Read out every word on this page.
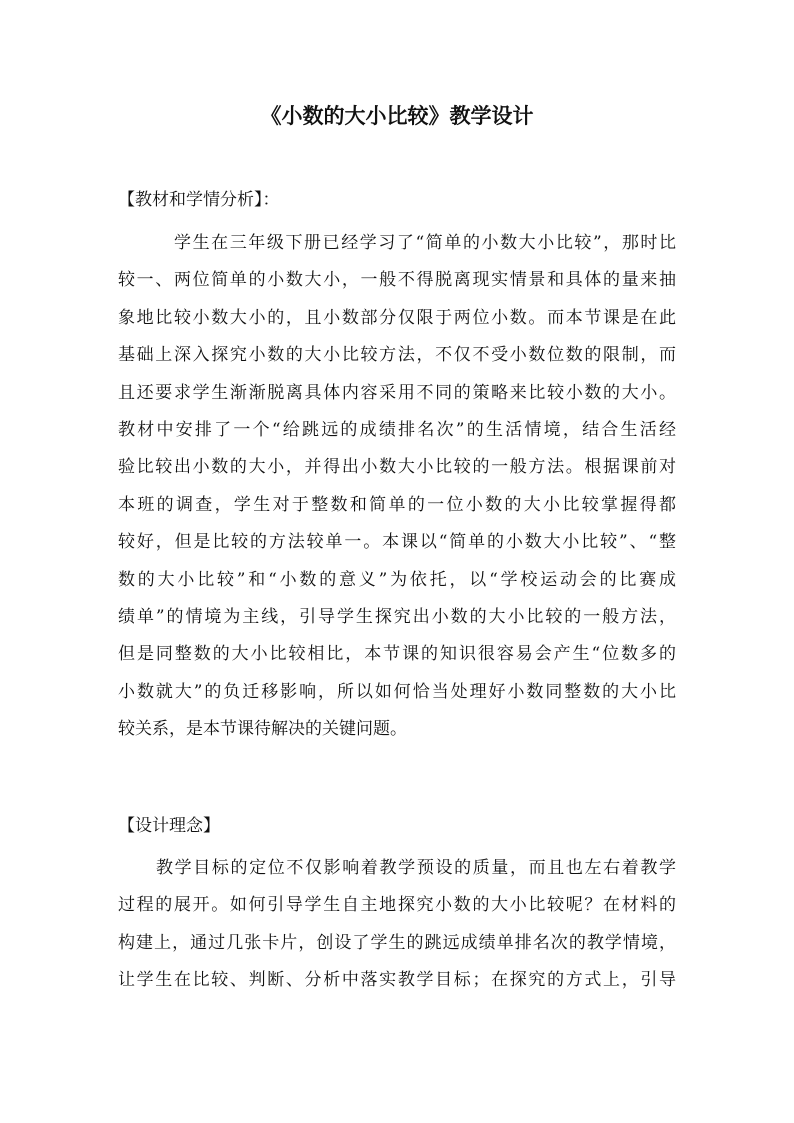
《小数的大小比较》教学设计
【教材和学情分析】：
学生在三年级下册已经学习了“简单的小数大小比较”，那时比
较一、两位简单的小数大小，一般不得脱离现实情景和具体的量来抽
象地比较小数大小的，且小数部分仅限于两位小数。而本节课是在此
基础上深入探究小数的大小比较方法，不仅不受小数位数的限制，而
且还要求学生渐渐脱离具体内容采用不同的策略来比较小数的大小。
教材中安排了一个“给跳远的成绩排名次”的生活情境，结合生活经
验比较出小数的大小，并得出小数大小比较的一般方法。根据课前对
本班的调查，学生对于整数和简单的一位小数的大小比较掌握得都
较好，但是比较的方法较单一。本课以“简单的小数大小比较”、“整
数的大小比较”和“小数的意义”为依托，以“学校运动会的比赛成
绩单”的情境为主线，引导学生探究出小数的大小比较的一般方法，
但是同整数的大小比较相比，本节课的知识很容易会产生“位数多的
小数就大”的负迁移影响，所以如何恰当处理好小数同整数的大小比
较关系，是本节课待解决的关键问题。
【设计理念】
教学目标的定位不仅影响着教学预设的质量，而且也左右着教学
过程的展开。如何引导学生自主地探究小数的大小比较呢？在材料的
构建上，通过几张卡片，创设了学生的跳远成绩单排名次的教学情境，
让学生在比较、判断、分析中落实教学目标；在探究的方式上，引导
